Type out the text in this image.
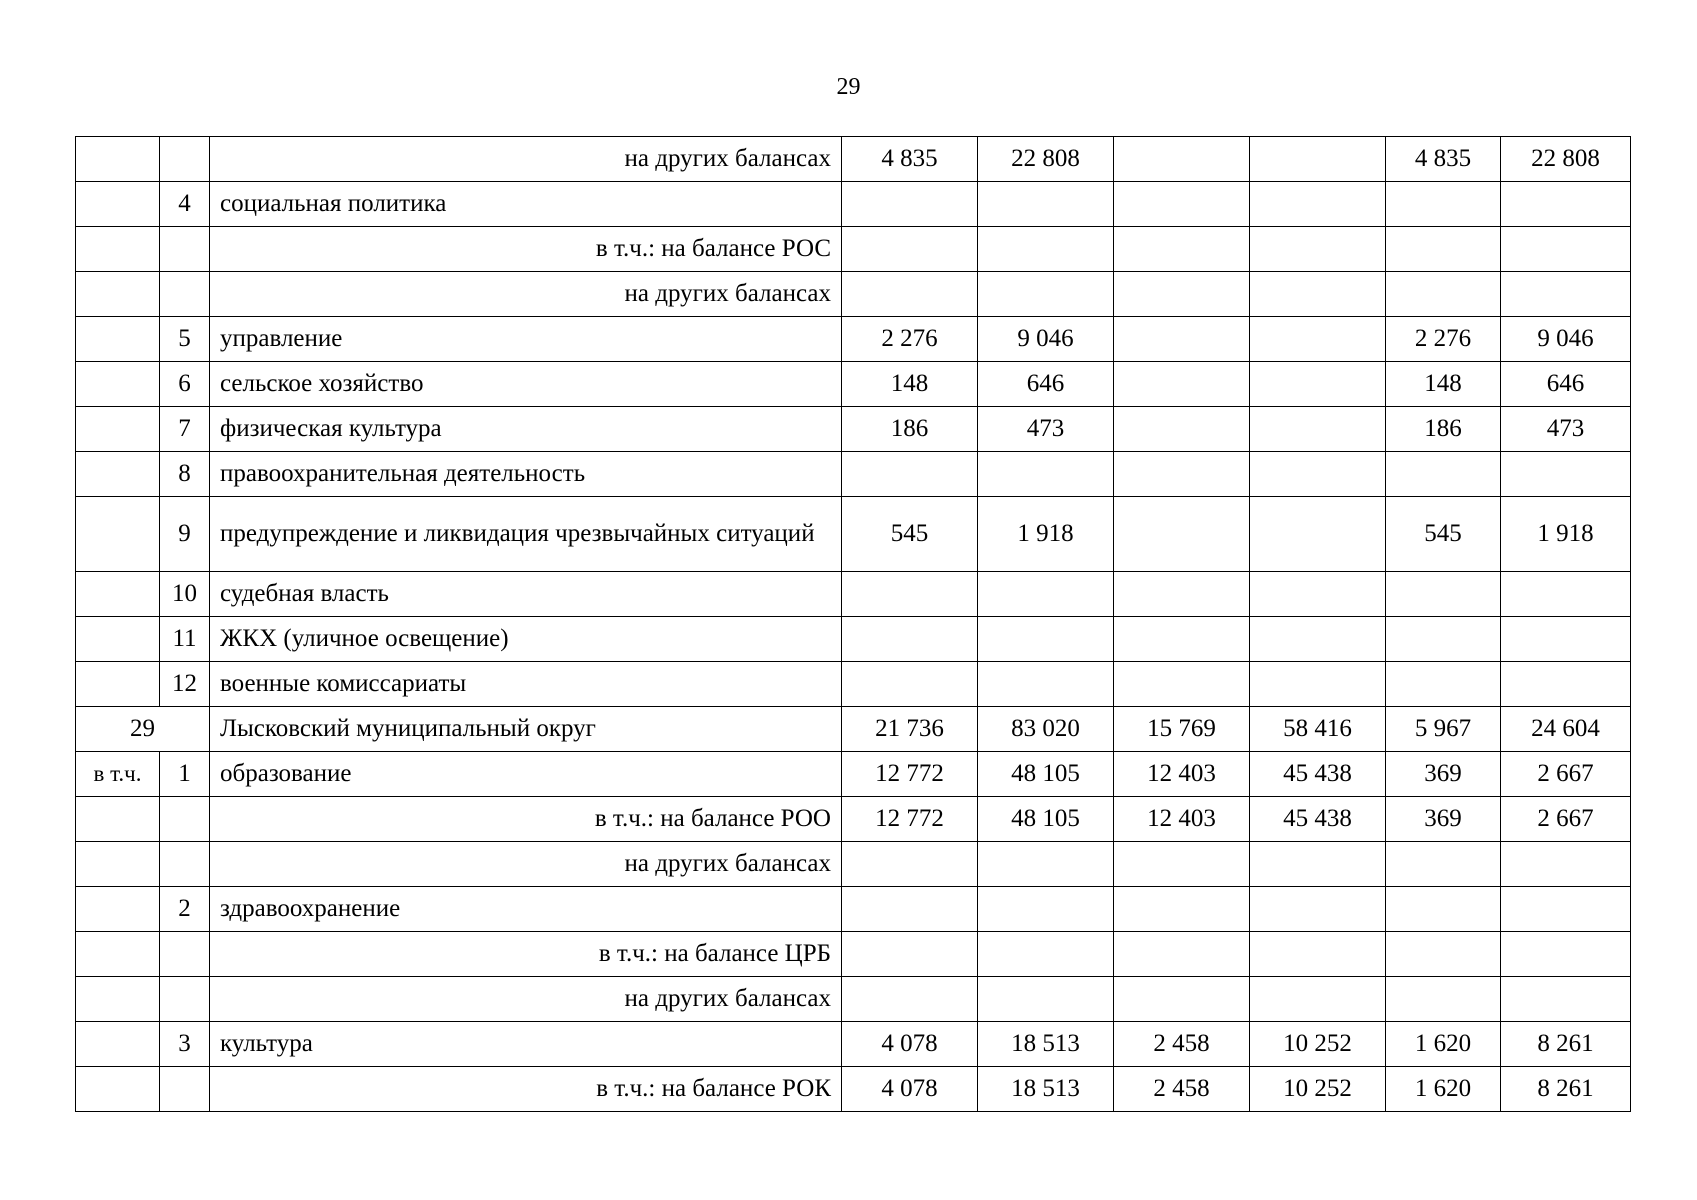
29
		на других балансах	4 835	22 808			4 835	22 808
	4	социальная политика						
		в т.ч.: на балансе РОС						
		на других балансах						
	5	управление	2 276	9 046			2 276	9 046
	6	сельское хозяйство	148	646			148	646
	7	физическая культура	186	473			186	473
	8	правоохранительная деятельность						
	9	предупреждение и ликвидация чрезвычайных ситуаций	545	1 918			545	1 918
	10	судебная власть						
	11	ЖКХ (уличное освещение)						
	12	военные комиссариаты						
29		Лысковский муниципальный округ	21 736	83 020	15 769	58 416	5 967	24 604
в т.ч.	1	образование	12 772	48 105	12 403	45 438	369	2 667
		в т.ч.: на балансе РОО	12 772	48 105	12 403	45 438	369	2 667
		на других балансах						
	2	здравоохранение						
		в т.ч.: на балансе ЦРБ						
		на других балансах						
	3	культура	4 078	18 513	2 458	10 252	1 620	8 261
		в т.ч.: на балансе РОК	4 078	18 513	2 458	10 252	1 620	8 261
